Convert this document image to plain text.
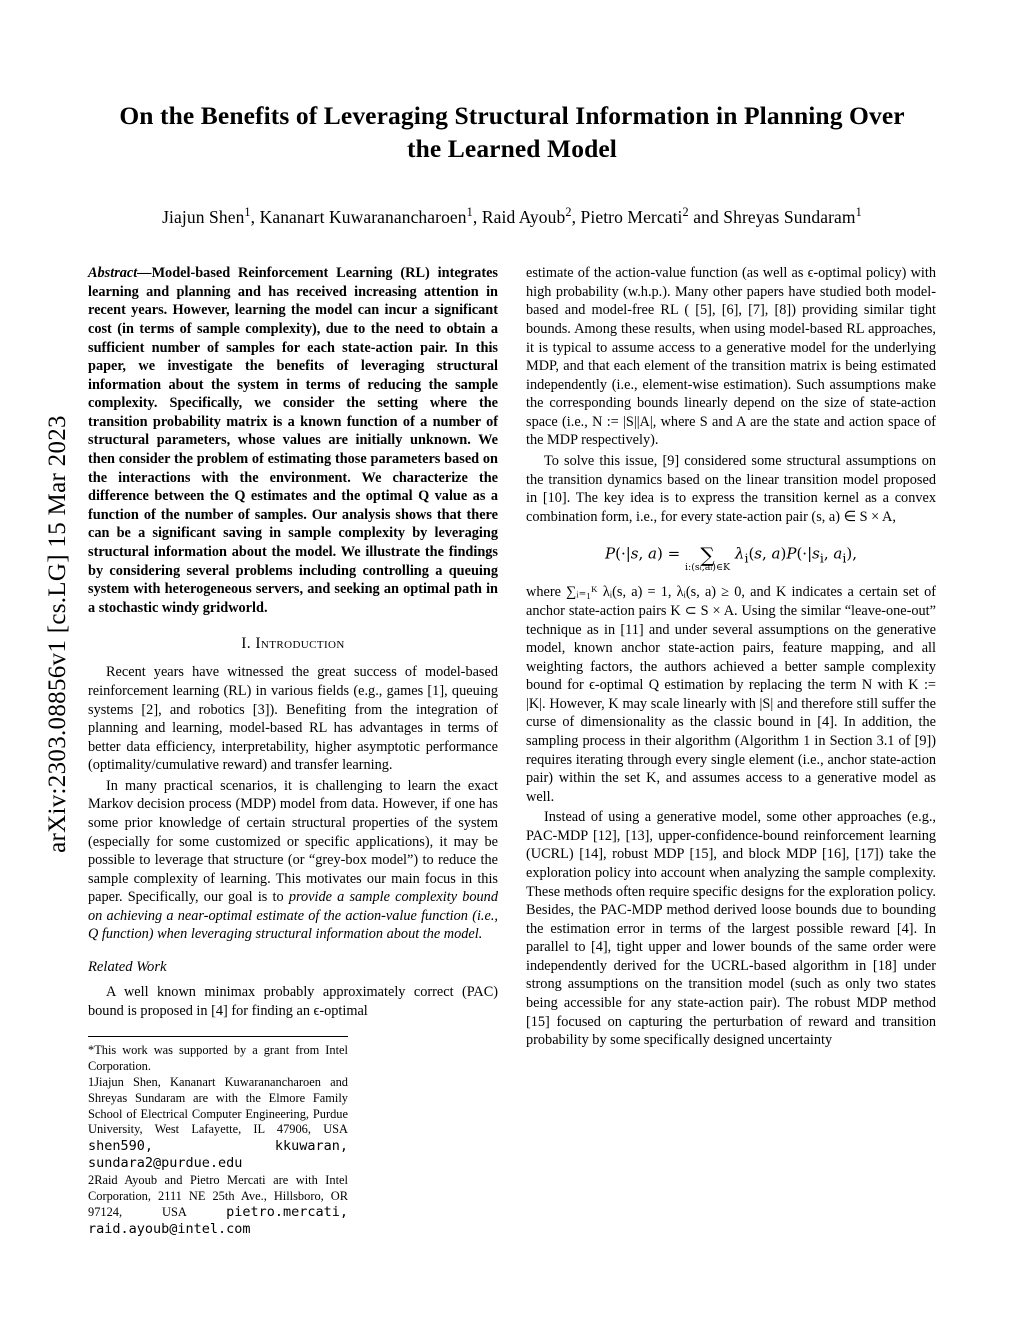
arXiv:2303.08856v1 [cs.LG] 15 Mar 2023
On the Benefits of Leveraging Structural Information in Planning Over the Learned Model
Jiajun Shen$^1$, Kananart Kuwaranancharoen$^1$, Raid Ayoub$^2$, Pietro Mercati$^2$ and Shreyas Sundaram$^1$

Abstract—Model-based Reinforcement Learning (RL) integrates learning and planning and has received increasing attention in recent years. However, learning the model can incur a significant cost (in terms of sample complexity), due to the need to obtain a sufficient number of samples for each state-action pair. In this paper, we investigate the benefits of leveraging structural information about the system in terms of reducing the sample complexity. Specifically, we consider the setting where the transition probability matrix is a known function of a number of structural parameters, whose values are initially unknown. We then consider the problem of estimating those parameters based on the interactions with the environment. We characterize the difference between the Q estimates and the optimal Q value as a function of the number of samples. Our analysis shows that there can be a significant saving in sample complexity by leveraging structural information about the model. We illustrate the findings by considering several problems including controlling a queuing system with heterogeneous servers, and seeking an optimal path in a stochastic windy gridworld.

I. Introduction

Recent years have witnessed the great success of model-based reinforcement learning (RL) in various fields (e.g., games [1], queuing systems [2], and robotics [3]). Benefiting from the integration of planning and learning, model-based RL has advantages in terms of better data efficiency, interpretability, higher asymptotic performance (optimality/cumulative reward) and transfer learning.

In many practical scenarios, it is challenging to learn the exact Markov decision process (MDP) model from data. However, if one has some prior knowledge of certain structural properties of the system (especially for some customized or specific applications), it may be possible to leverage that structure (or “grey-box model”) to reduce the sample complexity of learning. This motivates our main focus in this paper. Specifically, our goal is to provide a sample complexity bound on achieving a near-optimal estimate of the action-value function (i.e., Q function) when leveraging structural information about the model.

Related Work

A well known minimax probably approximately correct (PAC) bound is proposed in [4] for finding an ϵ-optimal

*This work was supported by a grant from Intel Corporation.

1Jiajun Shen, Kananart Kuwaranancharoen and Shreyas Sundaram are with the Elmore Family School of Electrical Computer Engineering, Purdue University, West Lafayette, IL 47906, USA shen590, kkuwaran, sundara2@purdue.edu

2Raid Ayoub and Pietro Mercati are with Intel Corporation, 2111 NE 25th Ave., Hillsboro, OR 97124, USA pietro.mercati, raid.ayoub@intel.com

estimate of the action-value function (as well as ϵ-optimal policy) with high probability (w.h.p.). Many other papers have studied both model-based and model-free RL ( [5], [6], [7], [8]) providing similar tight bounds. Among these results, when using model-based RL approaches, it is typical to assume access to a generative model for the underlying MDP, and that each element of the transition matrix is being estimated independently (i.e., element-wise estimation). Such assumptions make the corresponding bounds linearly depend on the size of state-action space (i.e., N := |S||A|, where S and A are the state and action space of the MDP respectively).

To solve this issue, [9] considered some structural assumptions on the transition dynamics based on the linear transition model proposed in [10]. The key idea is to express the transition kernel as a convex combination form, i.e., for every state-action pair (s, a) ∈ S × A,

P(·|s, a) =
∑
i:(sᵢ,aᵢ)∈K
$\lambda_i(s$, $a)P(\cdot|s_i$, $a_i$),

where ∑ᵢ₌₁ᴷ λᵢ(s, a) = 1, λᵢ(s, a) ≥ 0, and K indicates a certain set of anchor state-action pairs K ⊂ S × A. Using the similar “leave-one-out” technique as in [11] and under several assumptions on the generative model, known anchor state-action pairs, feature mapping, and all weighting factors, the authors achieved a better sample complexity bound for ϵ-optimal Q estimation by replacing the term N with K := |K|. However, K may scale linearly with |S| and therefore still suffer the curse of dimensionality as the classic bound in [4]. In addition, the sampling process in their algorithm (Algorithm 1 in Section 3.1 of [9]) requires iterating through every single element (i.e., anchor state-action pair) within the set K, and assumes access to a generative model as well.

Instead of using a generative model, some other approaches (e.g., PAC-MDP [12], [13], upper-confidence-bound reinforcement learning (UCRL) [14], robust MDP [15], and block MDP [16], [17]) take the exploration policy into account when analyzing the sample complexity. These methods often require specific designs for the exploration policy. Besides, the PAC-MDP method derived loose bounds due to bounding the estimation error in terms of the largest possible reward [4]. In parallel to [4], tight upper and lower bounds of the same order were independently derived for the UCRL-based algorithm in [18] under strong assumptions on the transition model (such as only two states being accessible for any state-action pair). The robust MDP method [15] focused on capturing the perturbation of reward and transition probability by some specifically designed uncertainty
